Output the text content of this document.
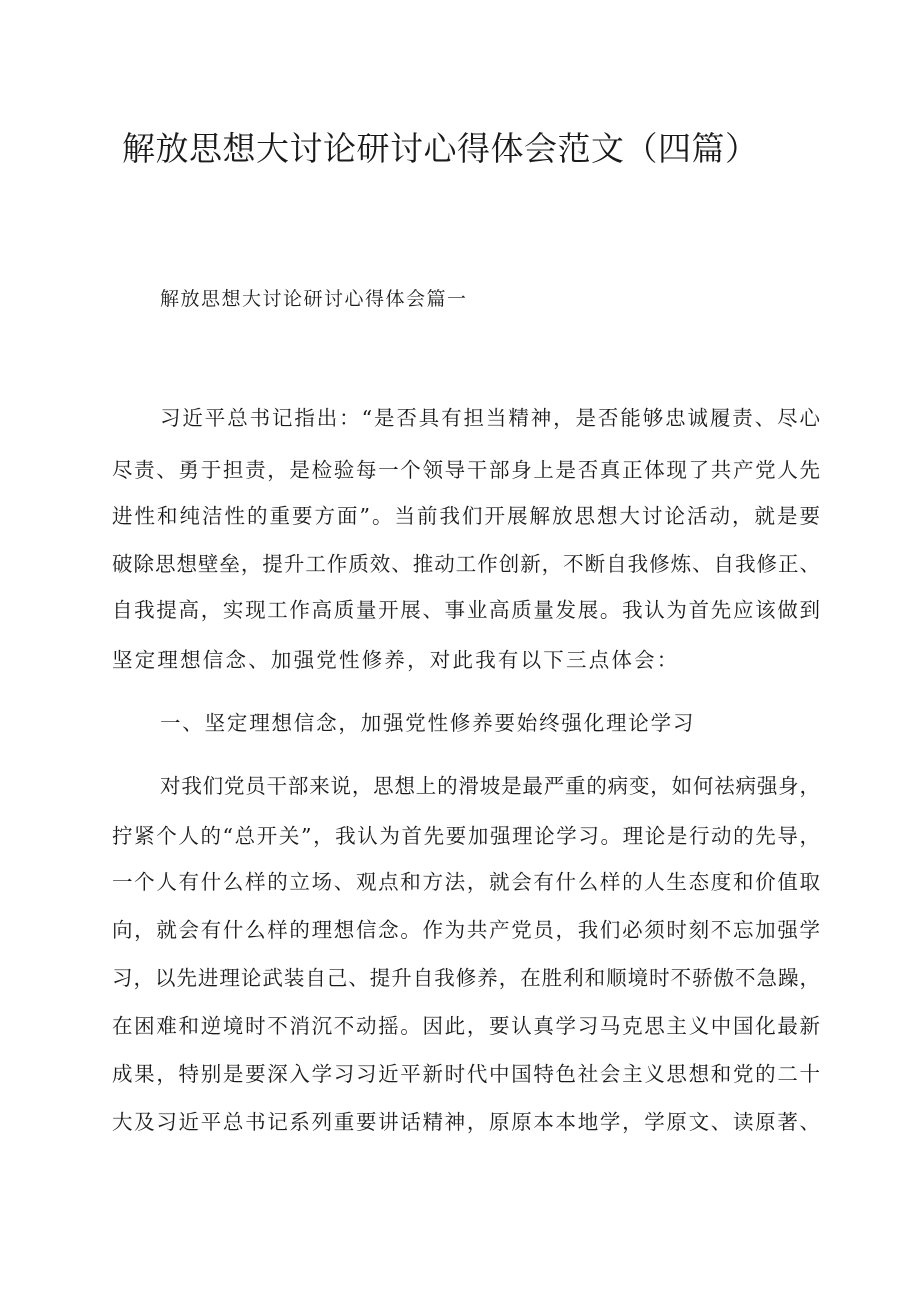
解放思想大讨论研讨心得体会范文（四篇）
解放思想大讨论研讨心得体会篇一
习近平总书记指出：“是否具有担当精神，是否能够忠诚履责、尽心
尽责、勇于担责，是检验每一个领导干部身上是否真正体现了共产党人先
进性和纯洁性的重要方面”。当前我们开展解放思想大讨论活动，就是要
破除思想壁垒，提升工作质效、推动工作创新，不断自我修炼、自我修正、
自我提高，实现工作高质量开展、事业高质量发展。我认为首先应该做到
坚定理想信念、加强党性修养，对此我有以下三点体会：
一、坚定理想信念，加强党性修养要始终强化理论学习
对我们党员干部来说，思想上的滑坡是最严重的病变，如何祛病强身，
拧紧个人的“总开关”，我认为首先要加强理论学习。理论是行动的先导，
一个人有什么样的立场、观点和方法，就会有什么样的人生态度和价值取
向，就会有什么样的理想信念。作为共产党员，我们必须时刻不忘加强学
习，以先进理论武装自己、提升自我修养，在胜利和顺境时不骄傲不急躁，
在困难和逆境时不消沉不动摇。因此，要认真学习马克思主义中国化最新
成果，特别是要深入学习习近平新时代中国特色社会主义思想和党的二十
大及习近平总书记系列重要讲话精神，原原本本地学，学原文、读原著、
